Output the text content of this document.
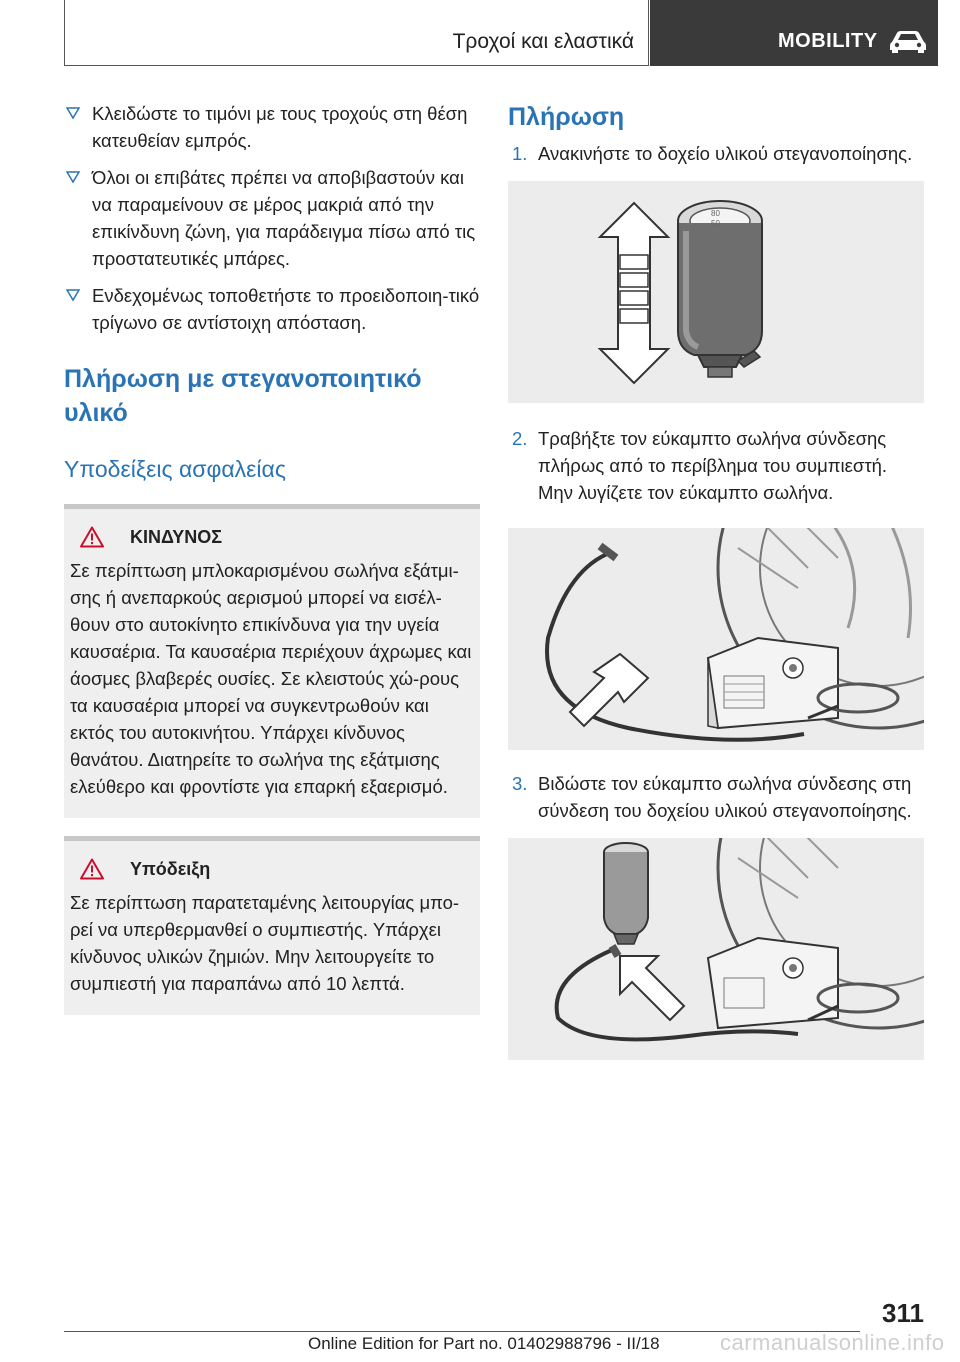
Τροχοί και ελαστικά	MOBILITY
Κλειδώστε το τιμόνι με τους τροχούς στη θέση κατευθείαν εμπρός.
Όλοι οι επιβάτες πρέπει να αποβιβαστούν και να παραμείνουν σε μέρος μακριά από την επικίνδυνη ζώνη, για παράδειγμα πίσω από τις προστατευτικές μπάρες.
Ενδεχομένως τοποθετήστε το προειδοποιη-τικό τρίγωνο σε αντίστοιχη απόσταση.
Πλήρωση με στεγανοποιητικό υλικό
Υποδείξεις ασφαλείας
ΚΙΝΔΥΝΟΣ
Σε περίπτωση μπλοκαρισμένου σωλήνα εξάτμι-σης ή ανεπαρκούς αερισμού μπορεί να εισέλ-θουν στο αυτοκίνητο επικίνδυνα για την υγεία καυσαέρια. Τα καυσαέρια περιέχουν άχρωμες και άοσμες βλαβερές ουσίες. Σε κλειστούς χώ-ρους τα καυσαέρια μπορεί να συγκεντρωθούν και εκτός του αυτοκινήτου. Υπάρχει κίνδυνος θανάτου. Διατηρείτε το σωλήνα της εξάτμισης ελεύθερο και φροντίστε για επαρκή εξαερισμό.
Υπόδειξη
Σε περίπτωση παρατεταμένης λειτουργίας μπο-ρεί να υπερθερμανθεί ο συμπιεστής. Υπάρχει κίνδυνος υλικών ζημιών. Μην λειτουργείτε το συμπιεστή για παραπάνω από 10 λεπτά.
Πλήρωση
1. Ανακινήστε το δοχείο υλικού στεγανοποίησης.
80
50
2. Τραβήξτε τον εύκαμπτο σωλήνα σύνδεσης πλήρως από το περίβλημα του συμπιεστή. Μην λυγίζετε τον εύκαμπτο σωλήνα.
3. Βιδώστε τον εύκαμπτο σωλήνα σύνδεσης στη σύνδεση του δοχείου υλικού στεγανοποίησης.
311
Online Edition for Part no. 01402988796 - II/18	carmanualsonline.info
